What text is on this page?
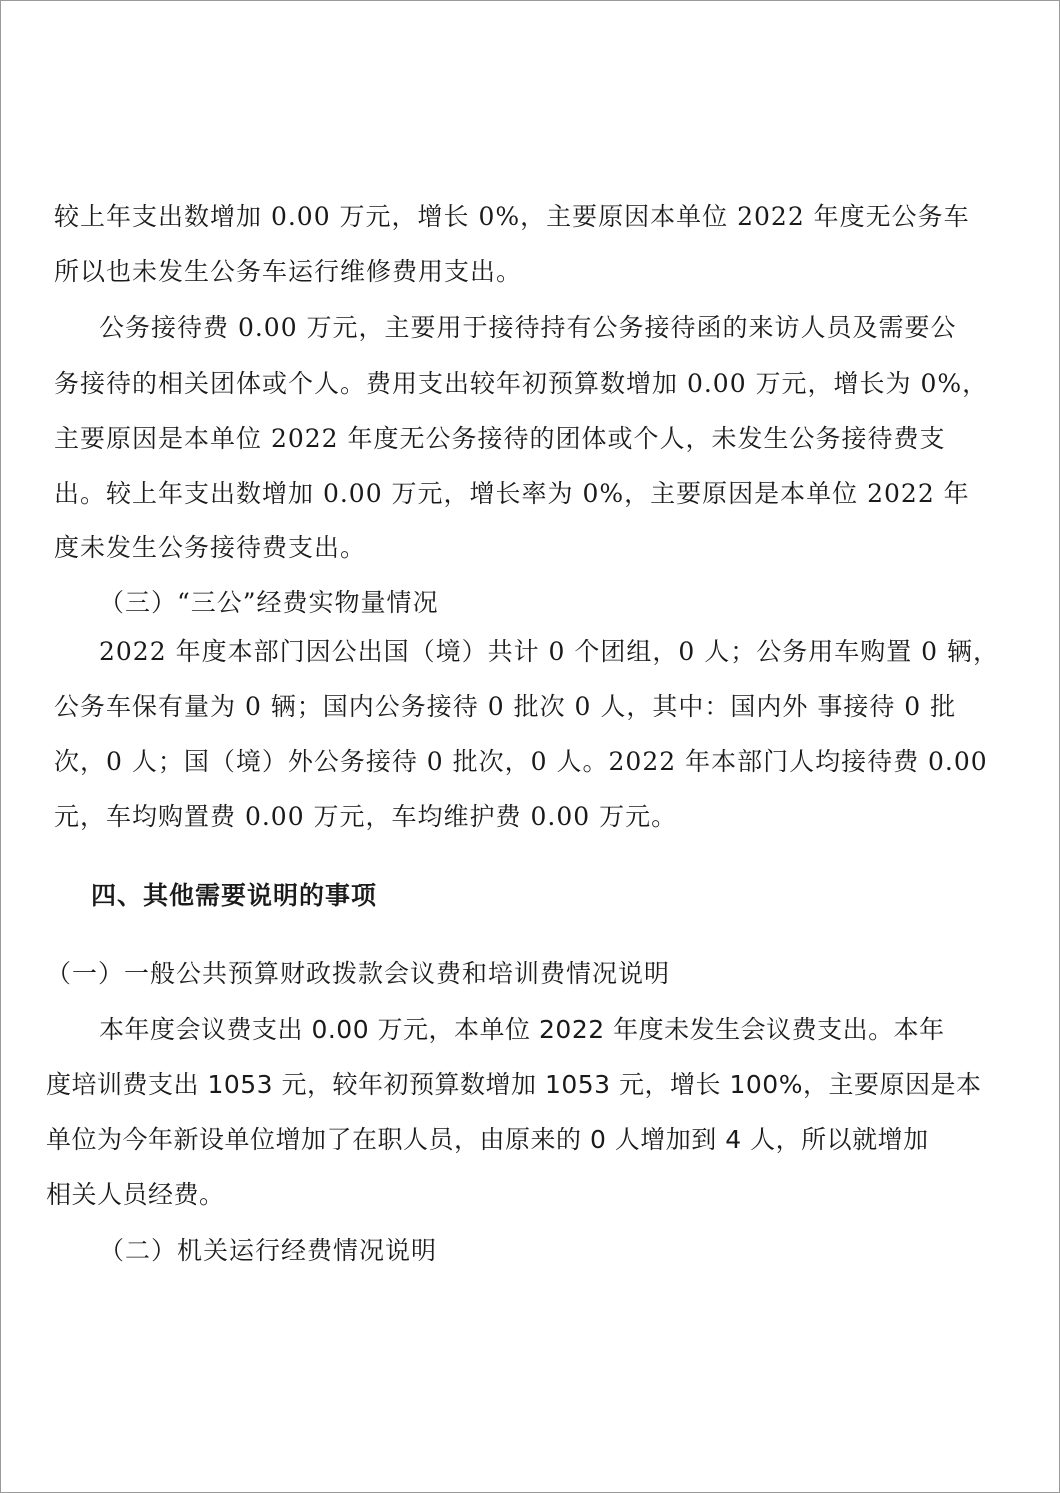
较上年支出数增加 0.00 万元，增长 0%，主要原因本单位 2022 年度无公务车
所以也未发生公务车运行维修费用支出。
公务接待费 0.00 万元，主要用于接待持有公务接待函的来访人员及需要公
务接待的相关团体或个人。费用支出较年初预算数增加 0.00 万元，增长为 0%，
主要原因是本单位 2022 年度无公务接待的团体或个人，未发生公务接待费支
出。较上年支出数增加 0.00 万元，增长率为 0%，主要原因是本单位 2022 年
度未发生公务接待费支出。
（三）“三公”经费实物量情况
2022 年度本部门因公出国（境）共计 0 个团组，0 人；公务用车购置 0 辆，
公务车保有量为 0 辆；国内公务接待 0 批次 0 人，其中：国内外 事接待 0 批
次，0 人；国（境）外公务接待 0 批次，0 人。2022 年本部门人均接待费 0.00
元，车均购置费 0.00 万元，车均维护费 0.00 万元。
四、其他需要说明的事项
（一）一般公共预算财政拨款会议费和培训费情况说明
本年度会议费支出 0.00 万元，本单位 2022 年度未发生会议费支出。本年
度培训费支出 1053 元，较年初预算数增加 1053 元，增长 100%，主要原因是本
单位为今年新设单位增加了在职人员，由原来的 0 人增加到 4 人，所以就增加
相关人员经费。
（二）机关运行经费情况说明
